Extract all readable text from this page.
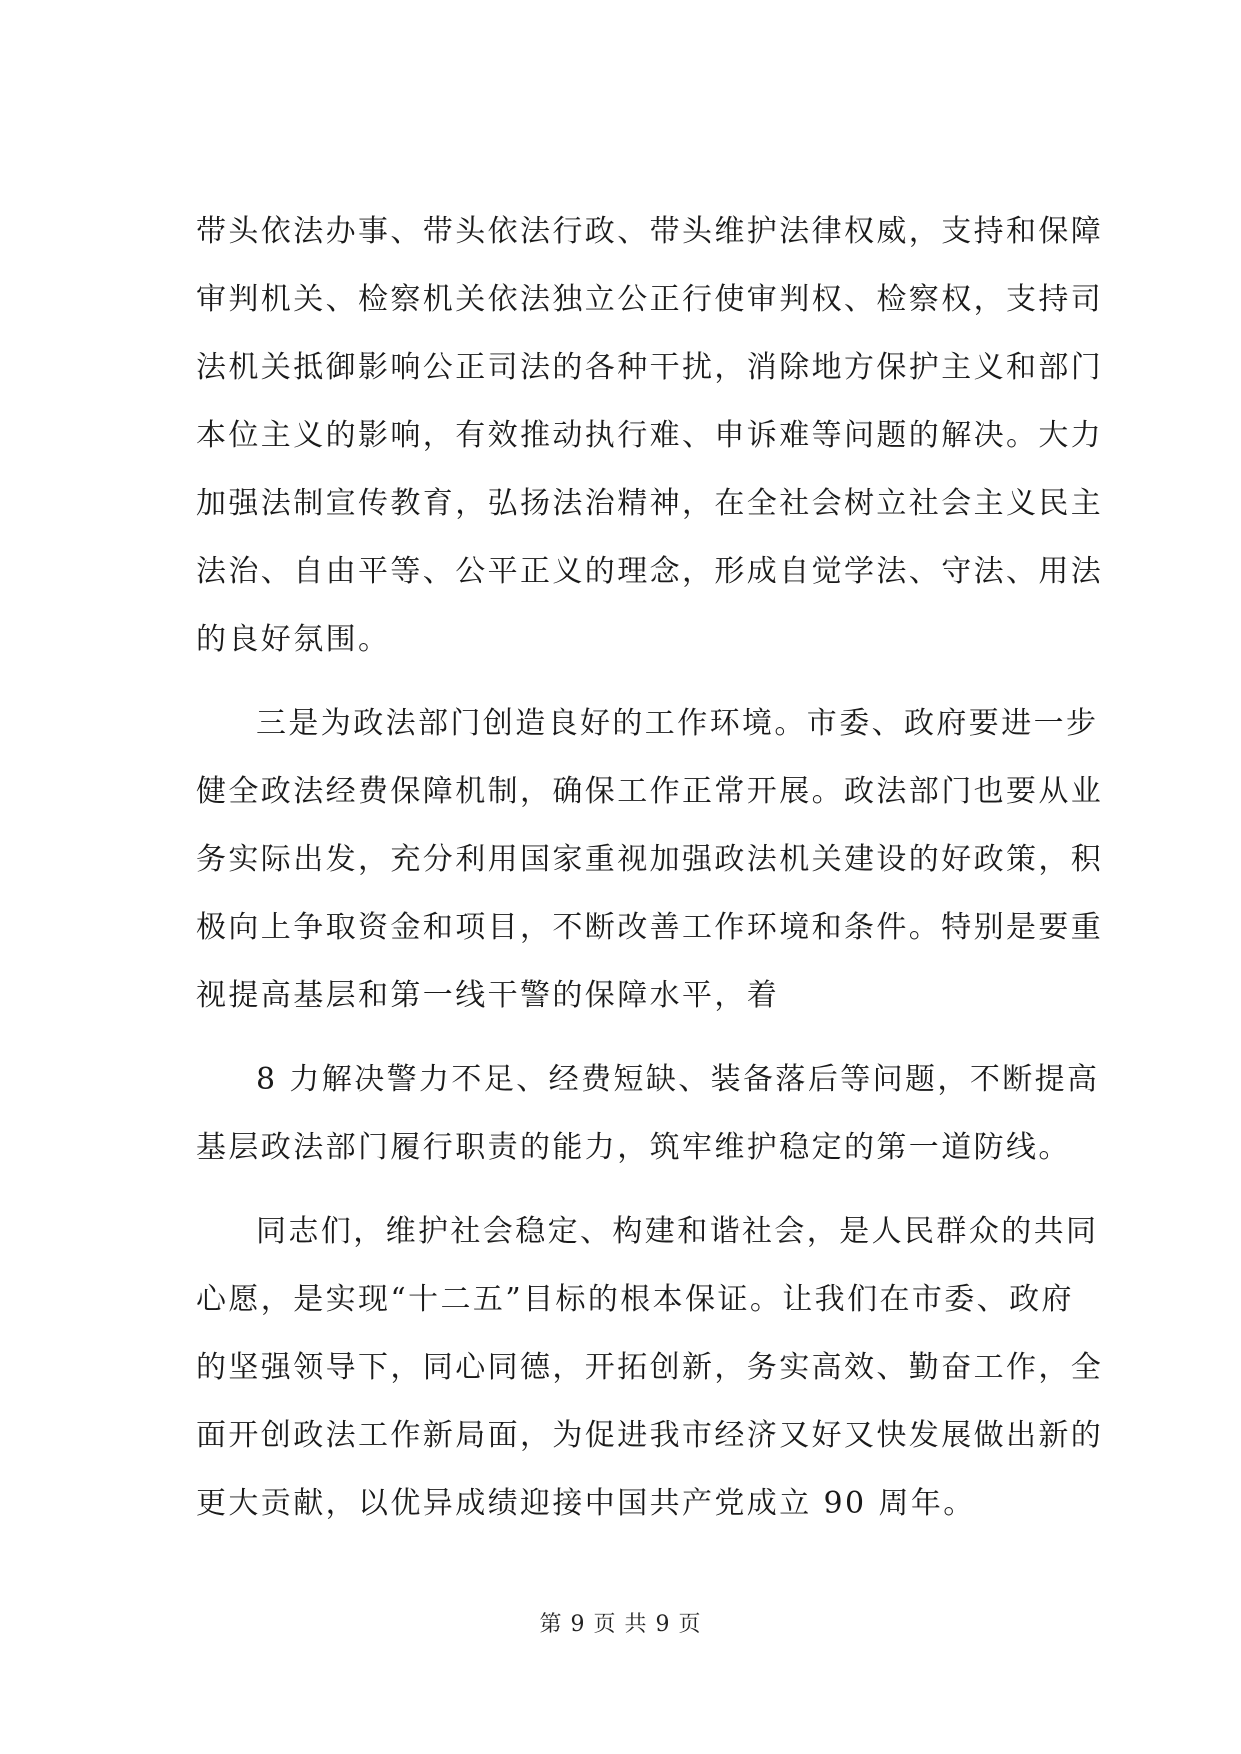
带头依法办事、带头依法行政、带头维护法律权威，支持和保障
审判机关、检察机关依法独立公正行使审判权、检察权，支持司
法机关抵御影响公正司法的各种干扰，消除地方保护主义和部门
本位主义的影响，有效推动执行难、申诉难等问题的解决。大力
加强法制宣传教育，弘扬法治精神，在全社会树立社会主义民主
法治、自由平等、公平正义的理念，形成自觉学法、守法、用法
的良好氛围。
三是为政法部门创造良好的工作环境。市委、政府要进一步
健全政法经费保障机制，确保工作正常开展。政法部门也要从业
务实际出发，充分利用国家重视加强政法机关建设的好政策，积
极向上争取资金和项目，不断改善工作环境和条件。特别是要重
视提高基层和第一线干警的保障水平，着
8 力解决警力不足、经费短缺、装备落后等问题，不断提高
基层政法部门履行职责的能力，筑牢维护稳定的第一道防线。
同志们，维护社会稳定、构建和谐社会，是人民群众的共同
心愿，是实现“十二五”目标的根本保证。让我们在市委、政府
的坚强领导下，同心同德，开拓创新，务实高效、勤奋工作，全
面开创政法工作新局面，为促进我市经济又好又快发展做出新的
更大贡献，以优异成绩迎接中国共产党成立 90 周年。
第 9 页 共 9 页
